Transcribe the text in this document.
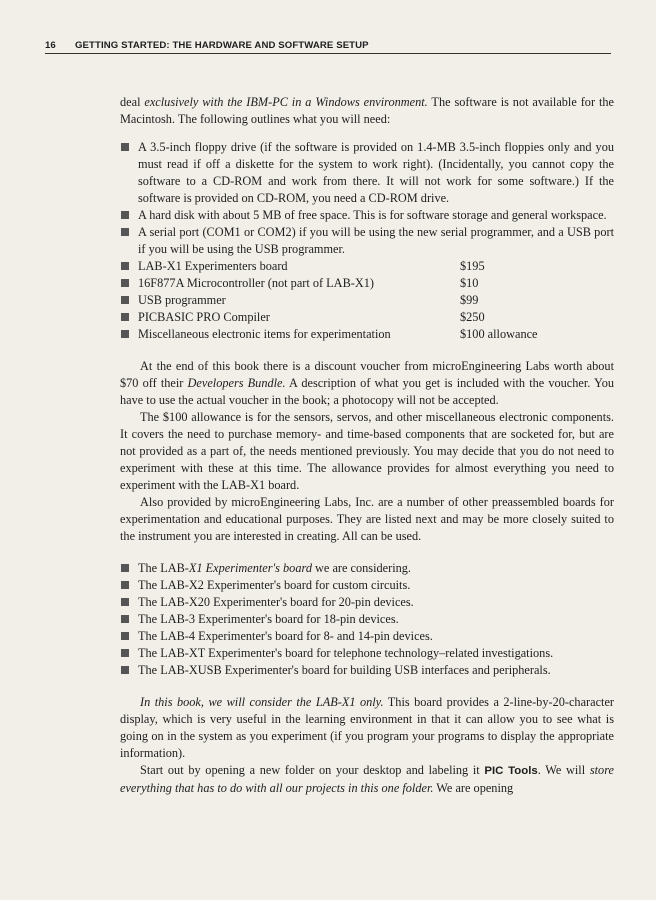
16 GETTING STARTED: THE HARDWARE AND SOFTWARE SETUP

deal exclusively with the IBM-PC in a Windows environment. The software is not available for the Macintosh. The following outlines what you will need:

A 3.5-inch floppy drive (if the software is provided on 1.4-MB 3.5-inch floppies only and you must read if off a diskette for the system to work right). (Incidentally, you cannot copy the software to a CD-ROM and work from there. It will not work for some software.) If the software is provided on CD-ROM, you need a CD-ROM drive.
A hard disk with about 5 MB of free space. This is for software storage and general workspace.
A serial port (COM1 or COM2) if you will be using the new serial programmer, and a USB port if you will be using the USB programmer.
LAB-X1 Experimenters board	$195
16F877A Microcontroller (not part of LAB-X1)	$10
USB programmer	$99
PICBASIC PRO Compiler	$250
Miscellaneous electronic items for experimentation	$100 allowance

At the end of this book there is a discount voucher from microEngineering Labs worth about $70 off their Developers Bundle. A description of what you get is included with the voucher. You have to use the actual voucher in the book; a photocopy will not be accepted.

The $100 allowance is for the sensors, servos, and other miscellaneous electronic components. It covers the need to purchase memory- and time-based components that are socketed for, but are not provided as a part of, the needs mentioned previously. You may decide that you do not need to experiment with these at this time. The allowance provides for almost everything you need to experiment with the LAB-X1 board.

Also provided by microEngineering Labs, Inc. are a number of other preassembled boards for experimentation and educational purposes. They are listed next and may be more closely suited to the instrument you are interested in creating. All can be used.

The LAB-X1 Experimenter's board we are considering.
The LAB-X2 Experimenter's board for custom circuits.
The LAB-X20 Experimenter's board for 20-pin devices.
The LAB-3 Experimenter's board for 18-pin devices.
The LAB-4 Experimenter's board for 8- and 14-pin devices.
The LAB-XT Experimenter's board for telephone technology–related investigations.
The LAB-XUSB Experimenter's board for building USB interfaces and peripherals.

In this book, we will consider the LAB-X1 only. This board provides a 2-line-by-20-character display, which is very useful in the learning environment in that it can allow you to see what is going on in the system as you experiment (if you program your programs to display the appropriate information).

Start out by opening a new folder on your desktop and labeling it PIC Tools. We will store everything that has to do with all our projects in this one folder. We are opening
